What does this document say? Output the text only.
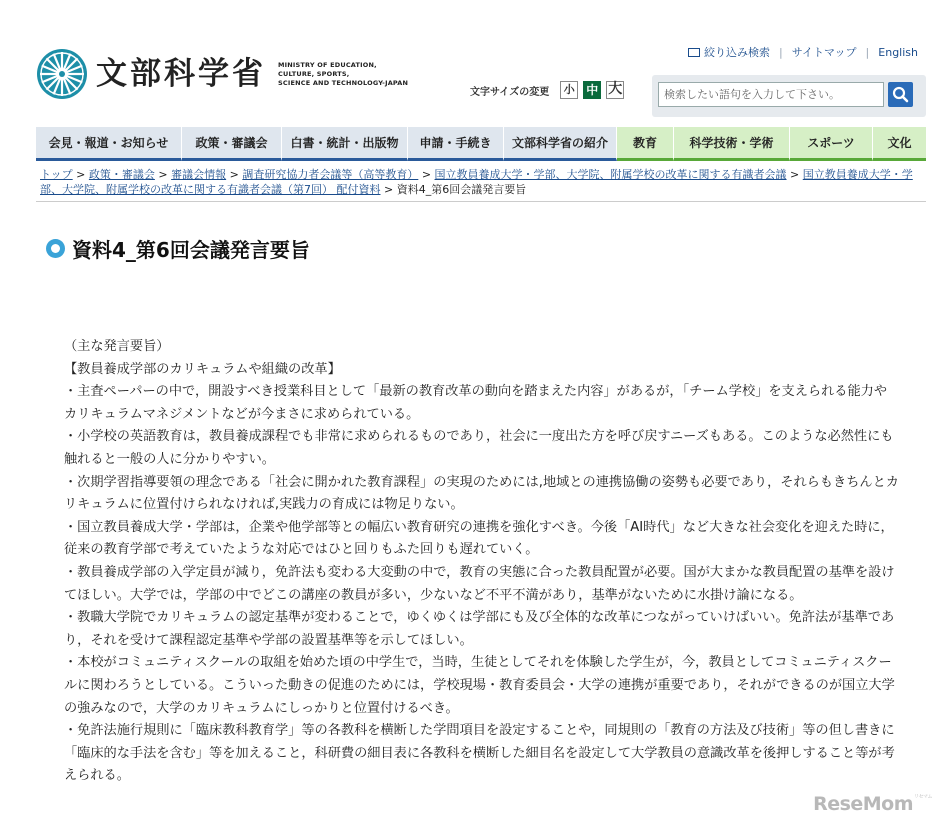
文部科学省 MINISTRY OF EDUCATION,
CULTURE, SPORTS,
SCIENCE AND TECHNOLOGY-JAPAN
絞り込み検索 | サイトマップ | English
文字サイズの変更	小 中 大
検索したい語句を入力して下さい。
会見・報道・お知らせ	政策・審議会	白書・統計・出版物	申請・手続き	文部科学省の紹介	教育	科学技術・学術	スポーツ	文化
トップ > 政策・審議会 > 審議会情報 > 調査研究協力者会議等（高等教育） > 国立教員養成大学・学部、大学院、附属学校の改革に関する有識者会議 > 国立教員養成大学・学部、大学院、附属学校の改革に関する有識者会議（第7回） 配付資料 > 資料4_第6回会議発言要旨
資料4_第6回会議発言要旨

（主な発言要旨）

【教員養成学部のカリキュラムや組織の改革】

・主査ペーパーの中で，開設すべき授業科目として「最新の教育改革の動向を踏まえた内容」があるが，「チーム学校」を支えられる能力やカリキュラムマネジメントなどが今まさに求められている。

・小学校の英語教育は，教員養成課程でも非常に求められるものであり，社会に一度出た方を呼び戻すニーズもある。このような必然性にも触れると一般の人に分かりやすい。

・次期学習指導要領の理念である「社会に開かれた教育課程」の実現のためには,地域との連携協働の姿勢も必要であり，それらもきちんとカリキュラムに位置付けられなければ,実践力の育成には物足りない。

・国立教員養成大学・学部は，企業や他学部等との幅広い教育研究の連携を強化すべき。今後「AI時代」など大きな社会変化を迎えた時に，従来の教育学部で考えていたような対応ではひと回りもふた回りも遅れていく。

・教員養成学部の入学定員が減り，免許法も変わる大変動の中で，教育の実態に合った教員配置が必要。国が大まかな教員配置の基準を設けてほしい。大学では，学部の中でどこの講座の教員が多い，少ないなど不平不満があり，基準がないために水掛け論になる。

・教職大学院でカリキュラムの認定基準が変わることで，ゆくゆくは学部にも及び全体的な改革につながっていけばいい。免許法が基準であり，それを受けて課程認定基準や学部の設置基準等を示してほしい。

・本校がコミュニティスクールの取組を始めた頃の中学生で，当時，生徒としてそれを体験した学生が，今，教員としてコミュニティスクールに関わろうとしている。こういった動きの促進のためには，学校現場・教育委員会・大学の連携が重要であり，それができるのが国立大学の強みなので，大学のカリキュラムにしっかりと位置付けるべき。

・免許法施行規則に「臨床教科教育学」等の各教科を横断した学問項目を設定することや，同規則の「教育の方法及び技術」等の但し書きに「臨床的な手法を含む」等を加えること，科研費の細目表に各教科を横断した細目名を設定して大学教員の意識改革を後押しすること等が考えられる。

ReseMom$^{リセマム}$
